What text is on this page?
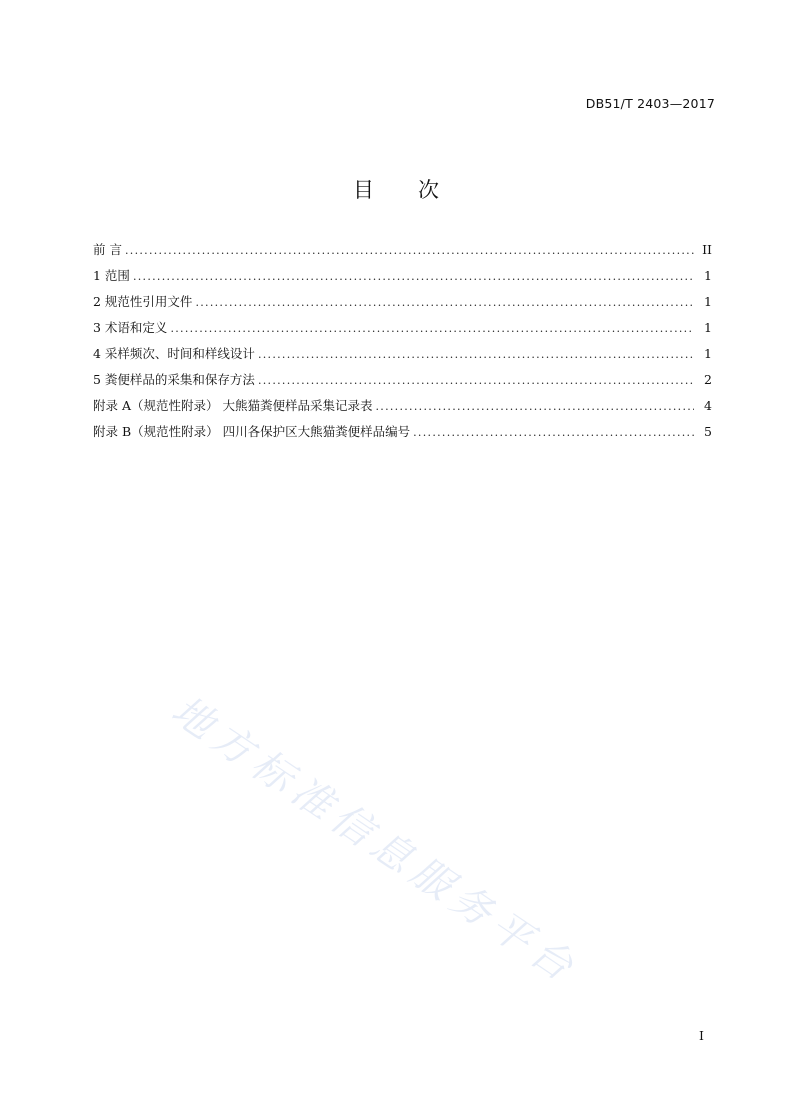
DB51/T 2403—2017
目 次
前 言 .....	II
1 范围 .....	1
2 规范性引用文件 .....	1
3 术语和定义 .....	1
4 采样频次、时间和样线设计 .....	1
5 粪便样品的采集和保存方法 .....	2
附录 A（规范性附录） 大熊猫粪便样品采集记录表 .....	4
附录 B（规范性附录） 四川各保护区大熊猫粪便样品编号 .....	5
地方标准信息服务平台
I
